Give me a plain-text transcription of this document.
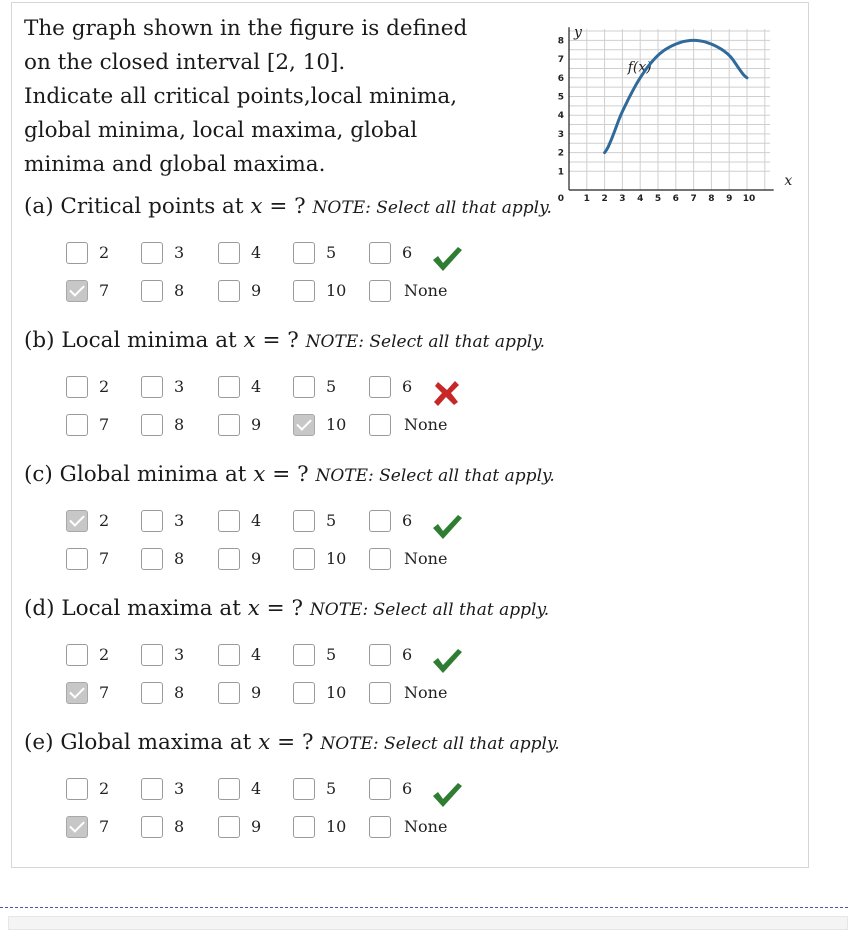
The graph shown in the figure is defined
on the closed interval [2, 10].
Indicate all critical points,local minima,
global minima, local maxima, global
minima and global maxima.
8
7
6
5
4
3
2
1
0 1 2 3 4 5 6 7 8 9 10
y
x
f(x)
(a) Critical points at x = ? NOTE: Select all that apply.
2	3	4	5	6
7	8	9	10	None
(b) Local minima at x = ? NOTE: Select all that apply.
2	3	4	5	6
7	8	9	10	None
(c) Global minima at x = ? NOTE: Select all that apply.
2	3	4	5	6
7	8	9	10	None
(d) Local maxima at x = ? NOTE: Select all that apply.
2	3	4	5	6
7	8	9	10	None
(e) Global maxima at x = ? NOTE: Select all that apply.
2	3	4	5	6
7	8	9	10	None
